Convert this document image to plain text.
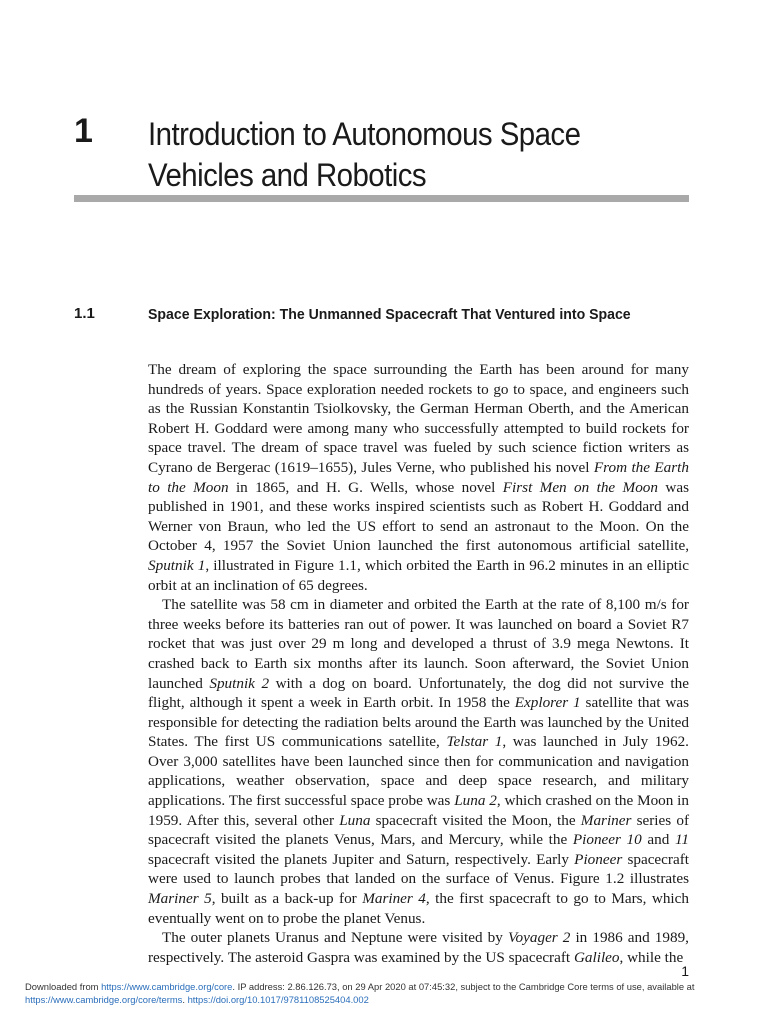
1 Introduction to Autonomous Space Vehicles and Robotics
1.1	Space Exploration: The Unmanned Spacecraft That Ventured into Space

The dream of exploring the space surrounding the Earth has been around for many hundreds of years. Space exploration needed rockets to go to space, and engineers such as the Russian Konstantin Tsiolkovsky, the German Herman Oberth, and the American Robert H. Goddard were among many who successfully attempted to build rockets for space travel. The dream of space travel was fueled by such science fiction writers as Cyrano de Bergerac (1619–1655), Jules Verne, who published his novel From the Earth to the Moon in 1865, and H. G. Wells, whose novel First Men on the Moon was published in 1901, and these works inspired scientists such as Robert H. Goddard and Werner von Braun, who led the US effort to send an astronaut to the Moon. On the October 4, 1957 the Soviet Union launched the first autonomous artificial satellite, Sputnik 1, illustrated in Figure 1.1, which orbited the Earth in 96.2 minutes in an elliptic orbit at an inclination of 65 degrees.

The satellite was 58 cm in diameter and orbited the Earth at the rate of 8,100 m/s for three weeks before its batteries ran out of power. It was launched on board a Soviet R7 rocket that was just over 29 m long and developed a thrust of 3.9 mega Newtons. It crashed back to Earth six months after its launch. Soon afterward, the Soviet Union launched Sputnik 2 with a dog on board. Unfortunately, the dog did not survive the flight, although it spent a week in Earth orbit. In 1958 the Explorer 1 satellite that was responsible for detecting the radiation belts around the Earth was launched by the United States. The first US communications satellite, Telstar 1, was launched in July 1962. Over 3,000 satellites have been launched since then for communication and navigation applications, weather observation, space and deep space research, and military applications. The first successful space probe was Luna 2, which crashed on the Moon in 1959. After this, several other Luna spacecraft visited the Moon, the Mariner series of spacecraft visited the planets Venus, Mars, and Mercury, while the Pioneer 10 and 11 spacecraft visited the planets Jupiter and Saturn, respectively. Early Pioneer spacecraft were used to launch probes that landed on the surface of Venus. Figure 1.2 illustrates Mariner 5, built as a back-up for Mariner 4, the first spacecraft to go to Mars, which eventually went on to probe the planet Venus.

The outer planets Uranus and Neptune were visited by Voyager 2 in 1986 and 1989, respectively. The asteroid Gaspra was examined by the US spacecraft Galileo, while the

1
Downloaded from https://www.cambridge.org/core. IP address: 2.86.126.73, on 29 Apr 2020 at 07:45:32, subject to the Cambridge Core terms of use, available at https://www.cambridge.org/core/terms. https://doi.org/10.1017/9781108525404.002
